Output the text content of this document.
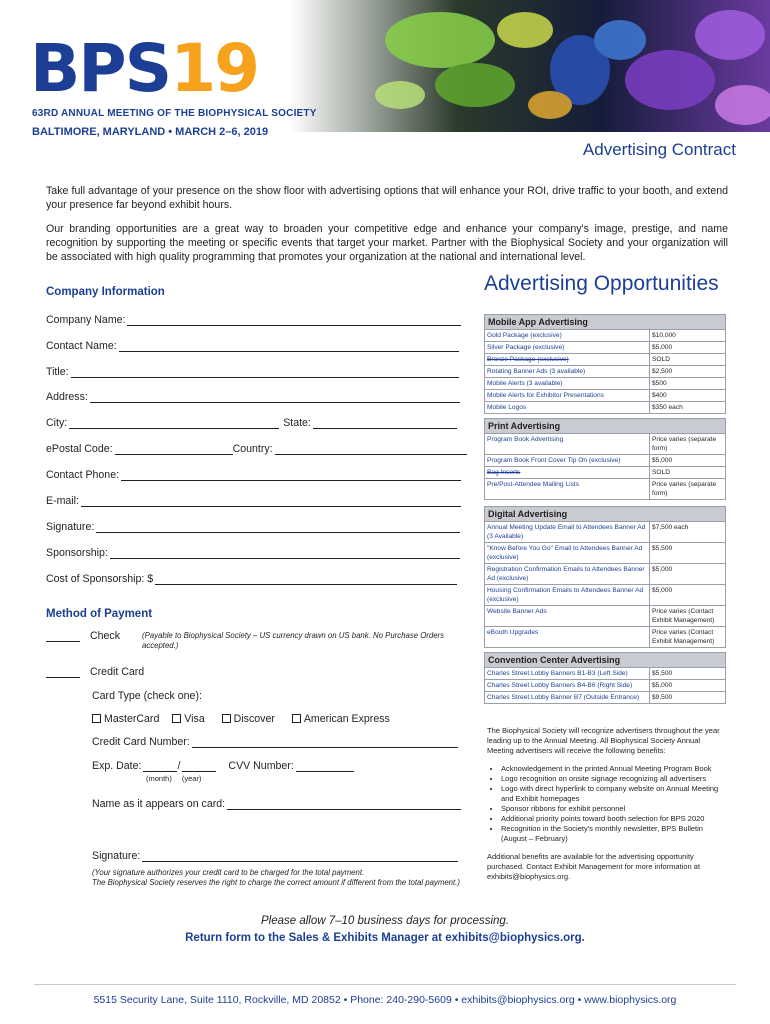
BPS19
63RD ANNUAL MEETING OF THE BIOPHYSICAL SOCIETY
BALTIMORE, MARYLAND • MARCH 2–6, 2019
Advertising Contract

Take full advantage of your presence on the show floor with advertising options that will enhance your ROI, drive traffic to your booth, and extend your presence far beyond exhibit hours.

Our branding opportunities are a great way to broaden your competitive edge and enhance your company's image, prestige, and name recognition by supporting the meeting or specific events that target your market. Partner with the Biophysical Society and your organization will be associated with high quality programming that promotes your organization at the national and international level.

Company Information
Company Name:
Contact Name:
Title:
Address:
City:	State:
ePostal Code:	Country:
Contact Phone:
E-mail:
Signature:
Sponsorship:
Cost of Sponsorship: $
Method of Payment
Check	(Payable to Biophysical Society – US currency drawn on US bank. No Purchase Orders accepted.)
Credit Card
Card Type (check one):
MasterCard Visa	Discover	American Express
Credit Card Number:
Exp. Date:	/	CVV Number:
(month) (year)
Name as it appears on card:
Signature:
(Your signature authorizes your credit card to be charged for the total payment.
The Biophysical Society reserves the right to charge the correct amount if different from the total payment.)
Advertising Opportunities
Mobile App Advertising	
Gold Package (exclusive)	$10,000
Silver Package (exclusive)	$5,000
Bronze Package (exclusive)	SOLD
Rotating Banner Ads (3 available)	$2,500
Mobile Alerts (3 available)	$500
Mobile Alerts for Exhibitor Presentations	$400
Mobile Logos	$350 each
Print Advertising	
Program Book Advertising	Price varies (separate form)
Program Book Front Cover Tip On (exclusive)	$5,000
Bag Inserts	SOLD
Pre/Post-Attendee Mailing Lists	Price varies (separate form)
Digital Advertising	
Annual Meeting Update Email to Attendees Banner Ad (3 Available)	$7,500 each
"Know Before You Go" Email to Attendees Banner Ad (exclusive)	$5,500
Registration Confirmation Emails to Attendees Banner Ad (exclusive)	$5,000
Housing Confirmation Emails to Attendees Banner Ad (exclusive)	$5,000
Website Banner Ads	Price varies (Contact Exhibit Management)
eBooth Upgrades	Price varies (Contact Exhibit Management)
Convention Center Advertising	
Charles Street Lobby Banners B1-B3 (Left Side)	$5,500
Charles Street Lobby Banners B4-B6 (Right Side)	$5,000
Charles Street Lobby Banner B7 (Outside Entrance)	$9,500

The Biophysical Society will recognize advertisers throughout the year leading up to the Annual Meeting. All Biophysical Society Annual Meeting advertisers will receive the following benefits:

• Acknowledgement in the printed Annual Meeting Program Book
• Logo recognition on onsite signage recognizing all advertisers
• Logo with direct hyperlink to company website on Annual Meeting and Exhibit homepages
• Sponsor ribbons for exhibit personnel
• Additional priority points toward booth selection for BPS 2020
• Recognition in the Society's monthly newsletter, BPS Bulletin (August – February)

Additional benefits are available for the advertising opportunity purchased. Contact Exhibit Management for more information at exhibits@biophysics.org.

Please allow 7–10 business days for processing.
Return form to the Sales & Exhibits Manager at exhibits@biophysics.org.
5515 Security Lane, Suite 1110, Rockville, MD 20852 • Phone: 240-290-5609 • exhibits@biophysics.org • www.biophysics.org
